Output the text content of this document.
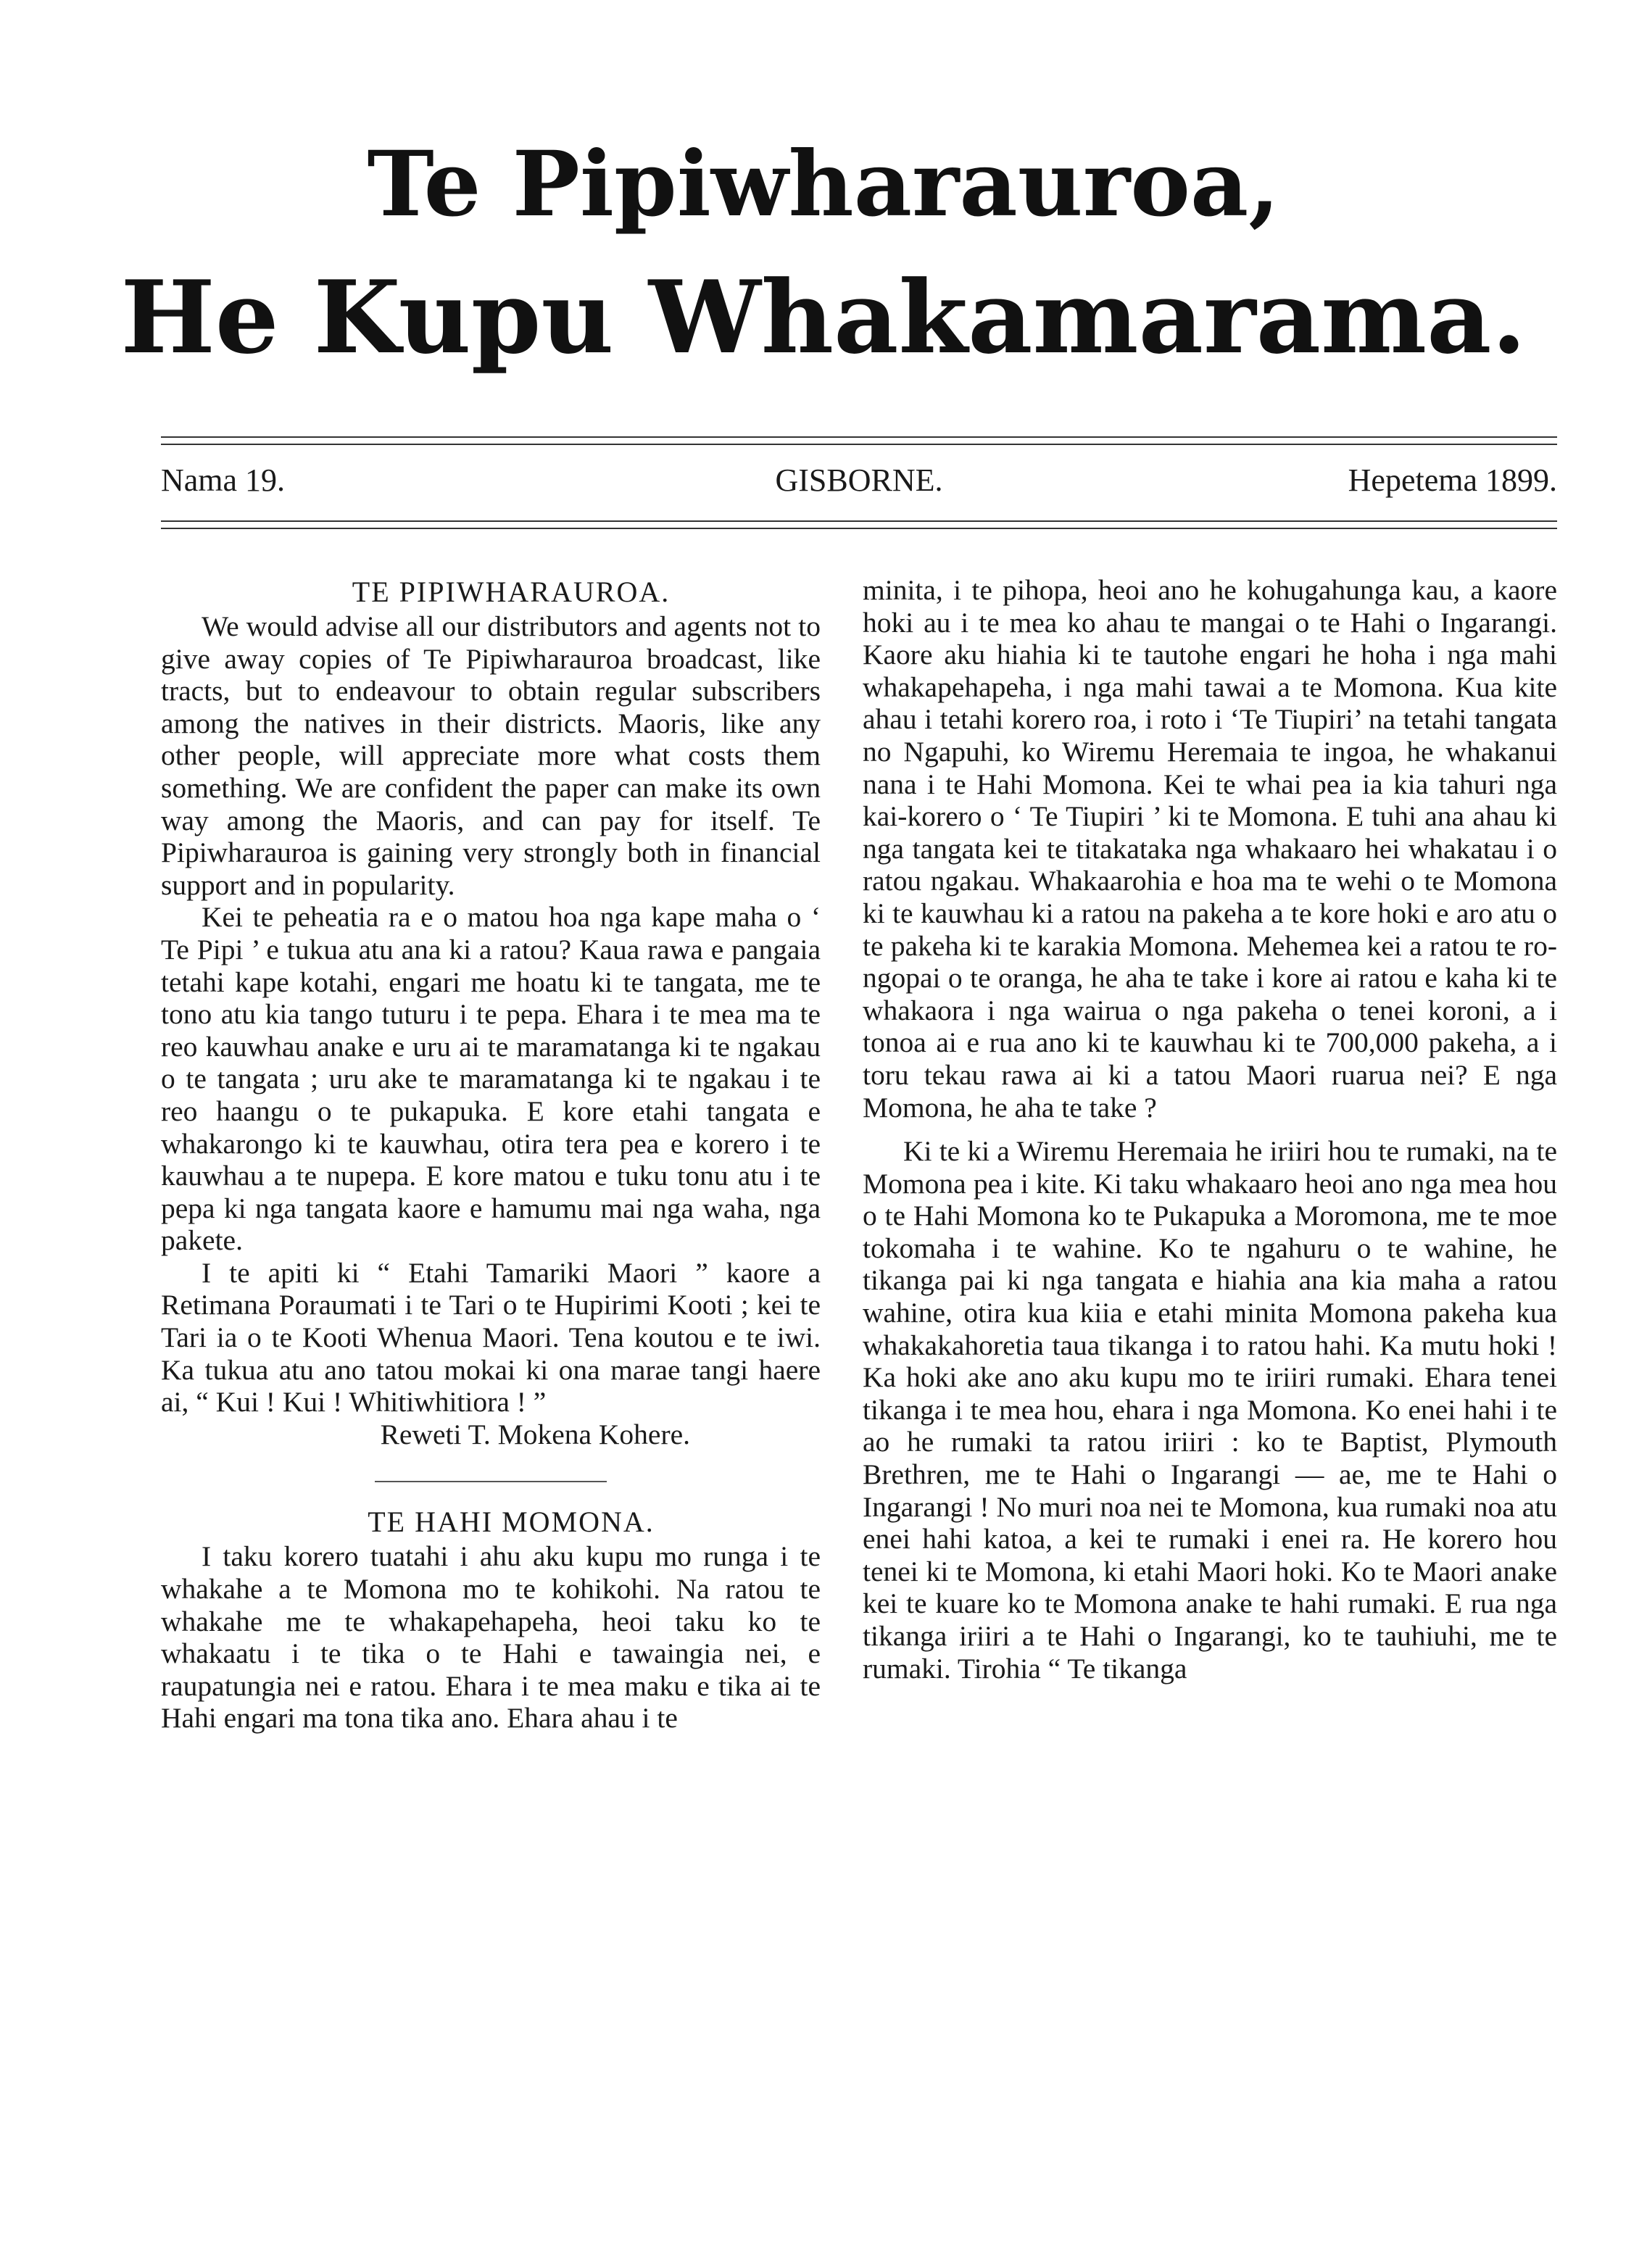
Te Pipiwharauroa,
He Kupu Whakamarama.
Nama 19.	GISBORNE.	Hepetema 1899.

TE PIPIWHARAUROA.

We would advise all our distributors and agents not to give away copies of Te Pipiwharauroa broadcast, like tracts, but to endeavour to obtain regular subscribers among the natives in their districts. Maoris, like any other people, will appreciate more what costs them something. We are confident the paper can make its own way among the Maoris, and can pay for itself. Te Pipiwharauroa is gaining very strongly both in financial support and in popularity.

Kei te peheatia ra e o matou hoa nga kape maha o ‘ Te Pipi ’ e tukua atu ana ki a ratou? Kaua rawa e pangaia tetahi kape kotahi, engari me hoatu ki te tangata, me te tono atu kia tango tuturu i te pepa. Ehara i te mea ma te reo kauwhau anake e uru ai te maramatanga ki te ngakau o te tangata ; uru ake te maramatanga ki te ngakau i te reo haangu o te pukapuka. E kore etahi tangata e whakarongo ki te kauwhau, otira tera pea e korero i te kauwhau a te nupepa. E kore matou e tuku tonu atu i te pepa ki nga tangata kaore e hamumu mai nga waha, nga pakete.

I te apiti ki “ Etahi Tamariki Maori ” kaore a Retimana Poraumati i te Tari o te Hupirimi Kooti ; kei te Tari ia o te Kooti Whenua Maori. Tena koutou e te iwi. Ka tukua atu ano tatou mokai ki ona marae tangi haere ai, “ Kui ! Kui ! Whitiwhitiora ! ”

Reweti T. Mokena Kohere.

TE HAHI MOMONA.

I taku korero tuatahi i ahu aku kupu mo runga i te whakahe a te Momona mo te kohikohi. Na ratou te whakahe me te whakapehapeha, heoi taku ko te whakaatu i te tika o te Hahi e tawaingia nei, e raupatungia nei e ratou. Ehara i te mea maku e tika ai te Hahi engari ma tona tika ano. Ehara ahau i te

minita, i te pihopa, heoi ano he kohugahunga kau, a kaore hoki au i te mea ko ahau te mangai o te Hahi o Ingarangi. Kaore aku hiahia ki te tautohe engari he hoha i nga mahi whakapehapeha, i nga mahi tawai a te Momona. Kua kite ahau i tetahi korero roa, i roto i ‘Te Tiupiri’ na tetahi tangata no Ngapuhi, ko Wiremu Heremaia te ingoa, he whakanui nana i te Hahi Momona. Kei te whai pea ia kia tahuri nga kai-korero o ‘ Te Tiupiri ’ ki te Momona. E tuhi ana ahau ki nga tangata kei te titakataka nga whakaaro hei whakatau i o ratou ngakau. Whakaarohia e hoa ma te wehi o te Momona ki te kauwhau ki a ratou na pakeha a te kore hoki e aro atu o te pakeha ki te karakia Momona. Mehemea kei a ratou te rongopai o te oranga, he aha te take i kore ai ratou e kaha ki te whakaora i nga wairua o nga pakeha o tenei koroni, a i tonoa ai e rua ano ki te kauwhau ki te 700,000 pakeha, a i toru tekau rawa ai ki a tatou Maori ruarua nei? E nga Momona, he aha te take ?

Ki te ki a Wiremu Heremaia he iriiri hou te rumaki, na te Momona pea i kite. Ki taku whakaaro heoi ano nga mea hou o te Hahi Momona ko te Pukapuka a Moromona, me te moe tokomaha i te wahine. Ko te ngahuru o te wahine, he tikanga pai ki nga tangata e hiahia ana kia maha a ratou wahine, otira kua kiia e etahi minita Momona pakeha kua whakakahoretia taua tikanga i to ratou hahi. Ka mutu hoki ! Ka hoki ake ano aku kupu mo te iriiri rumaki. Ehara tenei tikanga i te mea hou, ehara i nga Momona. Ko enei hahi i te ao he rumaki ta ratou iriiri : ko te Baptist, Plymouth Brethren, me te Hahi o Ingarangi — ae, me te Hahi o Ingarangi ! No muri noa nei te Momona, kua rumaki noa atu enei hahi katoa, a kei te rumaki i enei ra. He korero hou tenei ki te Momona, ki etahi Maori hoki. Ko te Maori anake kei te kuare ko te Momona anake te hahi rumaki. E rua nga tikanga iriiri a te Hahi o Ingarangi, ko te tauhiuhi, me te rumaki. Tirohia “ Te tikanga
